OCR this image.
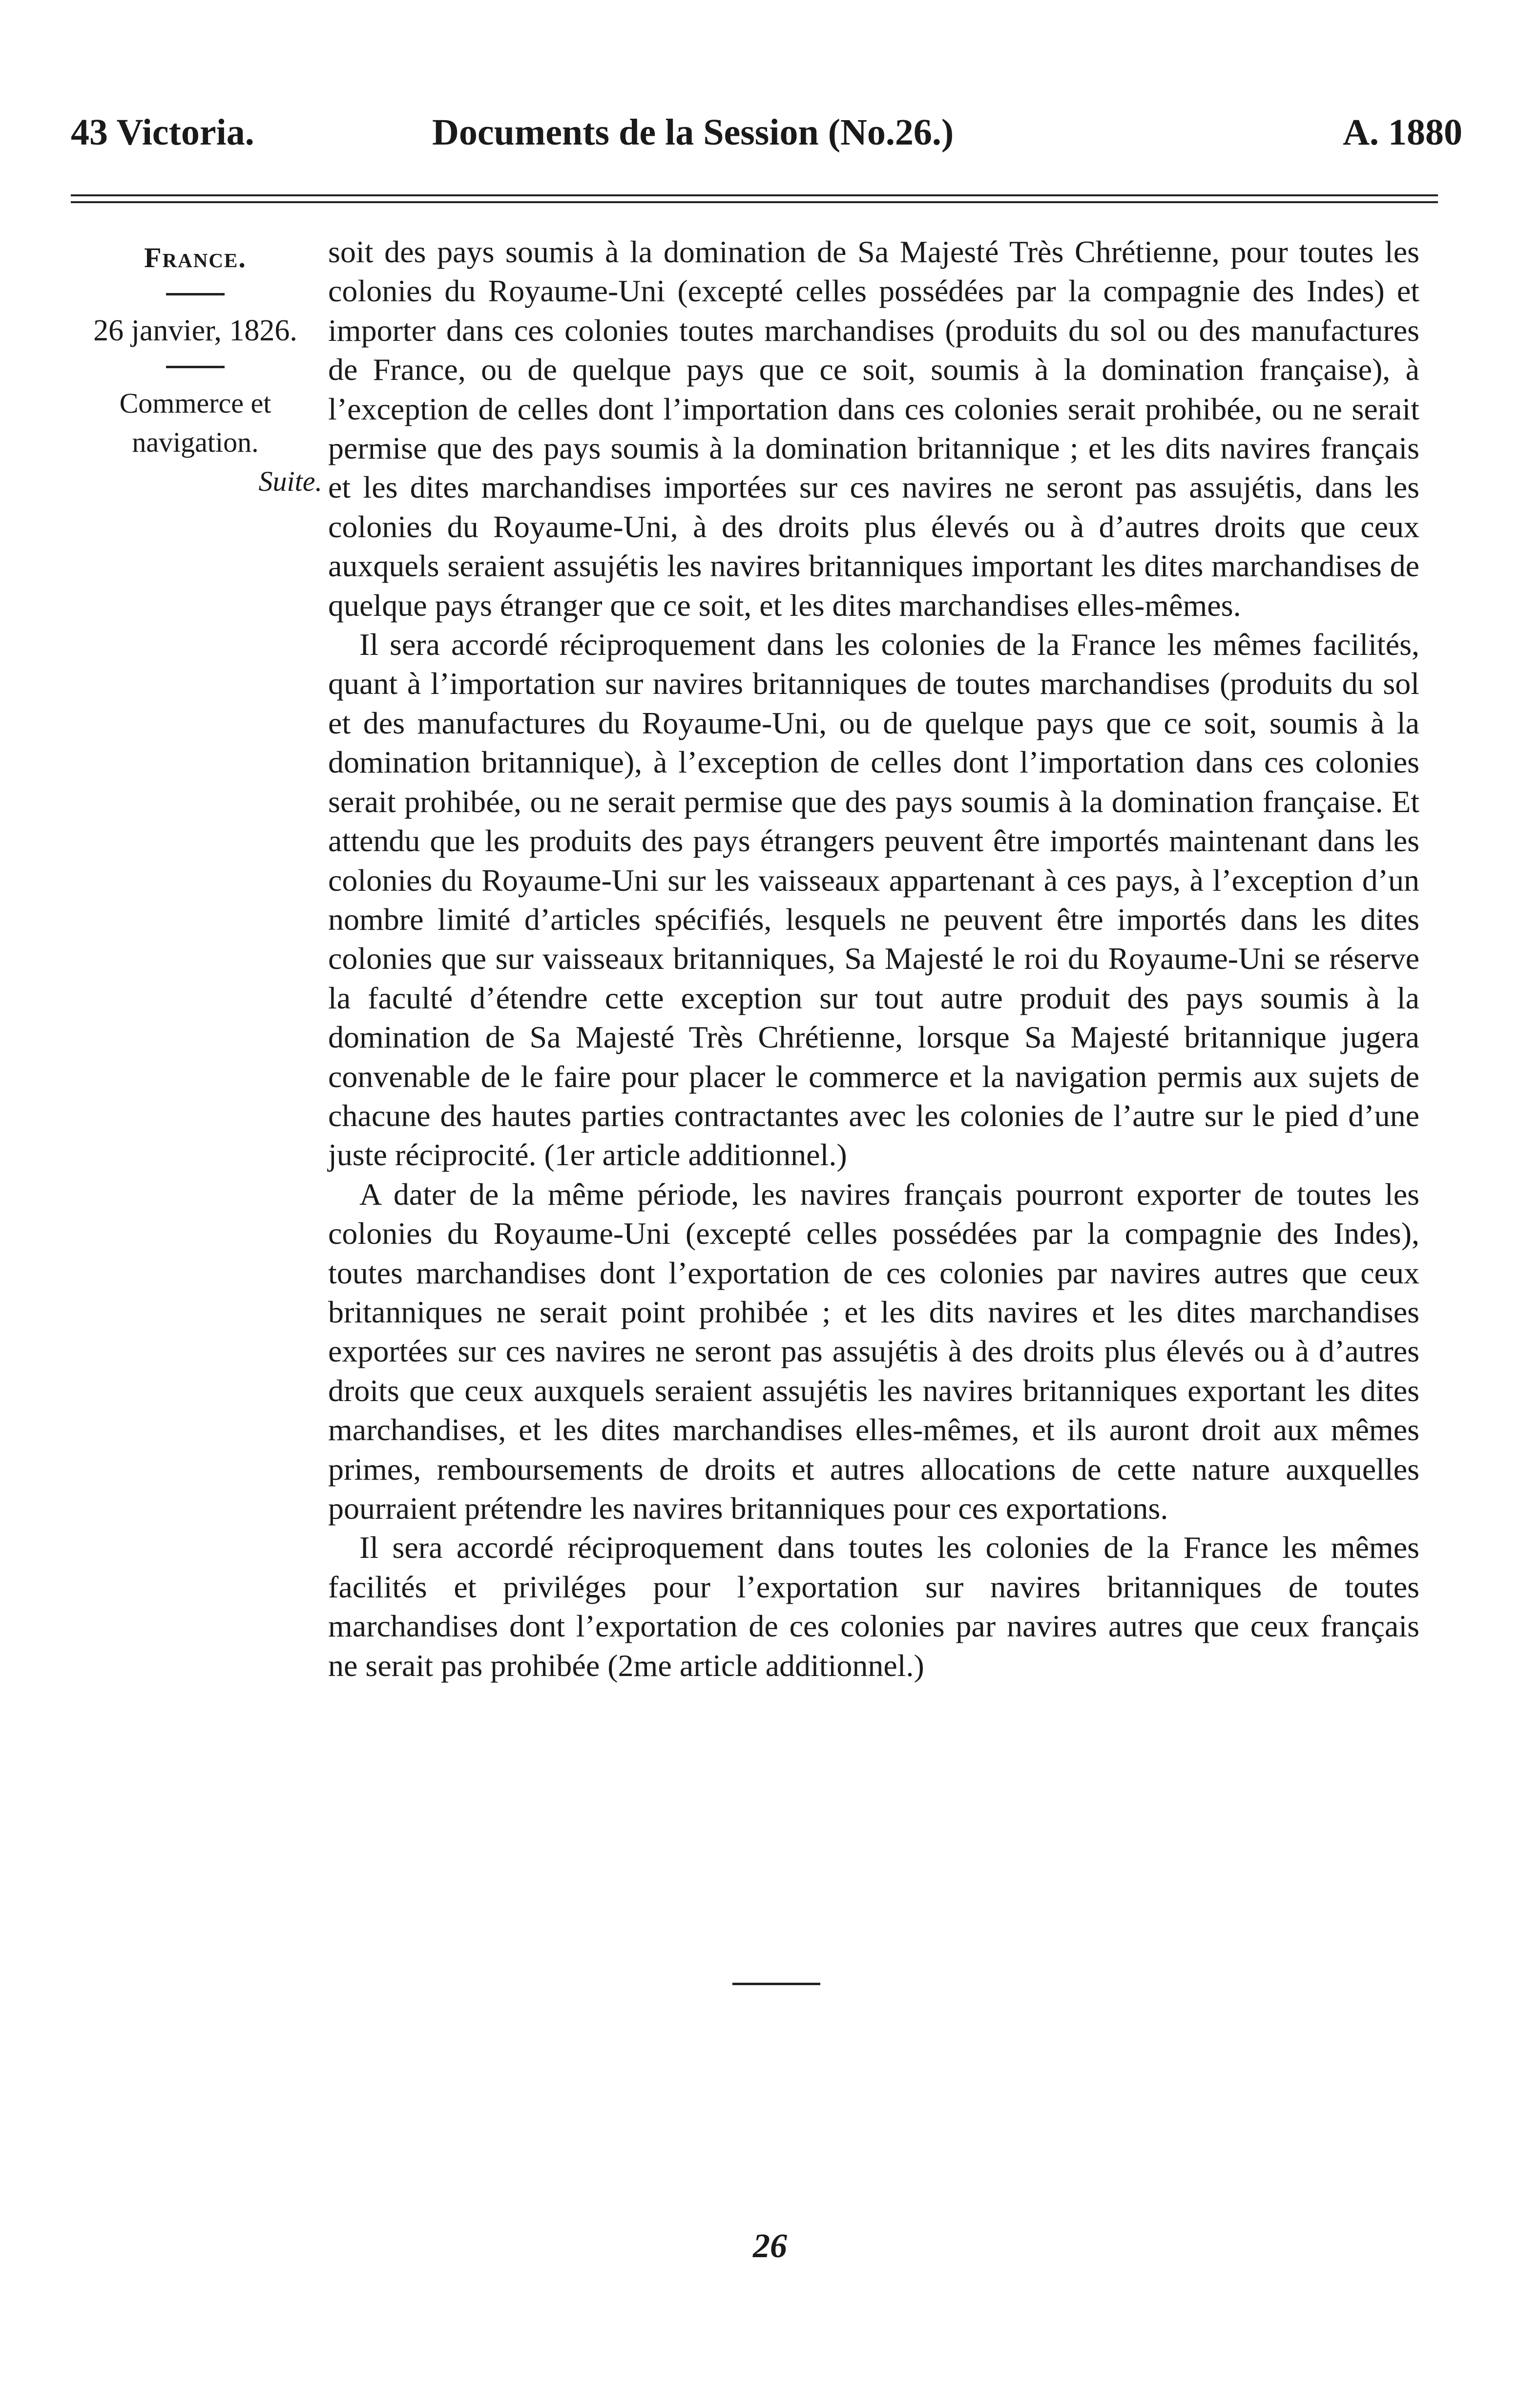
43 Victoria.	Documents de la Session (No.26.)	A. 1880
France.
26 janvier, 1826.
Commerce et navigation.
Suite.

soit des pays soumis à la domination de Sa Majesté Très Chrétienne, pour toutes les colonies du Royaume-Uni (excepté celles possédées par la compagnie des Indes) et importer dans ces colonies toutes marchandises (produits du sol ou des manufactures de France, ou de quelque pays que ce soit, soumis à la domination française), à l’exception de celles dont l’importation dans ces colonies serait prohibée, ou ne serait permise que des pays soumis à la domination britannique ; et les dits navires français et les dites marchandises importées sur ces navires ne seront pas assujétis, dans les colonies du Royaume-Uni, à des droits plus élevés ou à d’autres droits que ceux auxquels seraient assujétis les navires britanniques important les dites marchandises de quelque pays étranger que ce soit, et les dites marchandises elles-mêmes.

Il sera accordé réciproquement dans les colonies de la France les mêmes facilités, quant à l’importation sur navires britanniques de toutes marchandises (produits du sol et des manufactures du Royaume-Uni, ou de quelque pays que ce soit, soumis à la domination britannique), à l’exception de celles dont l’importation dans ces colonies serait prohibée, ou ne serait permise que des pays soumis à la domination française. Et attendu que les produits des pays étrangers peuvent être importés maintenant dans les colonies du Royaume-Uni sur les vaisseaux appartenant à ces pays, à l’exception d’un nombre limité d’articles spécifiés, lesquels ne peuvent être importés dans les dites colonies que sur vaisseaux britanniques, Sa Majesté le roi du Royaume-Uni se réserve la faculté d’étendre cette exception sur tout autre produit des pays soumis à la domination de Sa Majesté Très Chrétienne, lorsque Sa Majesté britannique jugera convenable de le faire pour placer le commerce et la navigation permis aux sujets de chacune des hautes parties contractantes avec les colonies de l’autre sur le pied d’une juste réciprocité. (1er article additionnel.)

A dater de la même période, les navires français pourront exporter de toutes les colonies du Royaume-Uni (excepté celles possédées par la compagnie des Indes), toutes marchandises dont l’exportation de ces colonies par navires autres que ceux britanniques ne serait point prohibée ; et les dits navires et les dites marchandises exportées sur ces navires ne seront pas assujétis à des droits plus élevés ou à d’autres droits que ceux auxquels seraient assujétis les navires britanniques exportant les dites marchandises, et les dites marchandises elles-mêmes, et ils auront droit aux mêmes primes, remboursements de droits et autres allocations de cette nature auxquelles pourraient prétendre les navires britanniques pour ces exportations.

Il sera accordé réciproquement dans toutes les colonies de la France les mêmes facilités et priviléges pour l’exportation sur navires britanniques de toutes marchandises dont l’exportation de ces colonies par navires autres que ceux français ne serait pas prohibée (2me article additionnel.)

26
